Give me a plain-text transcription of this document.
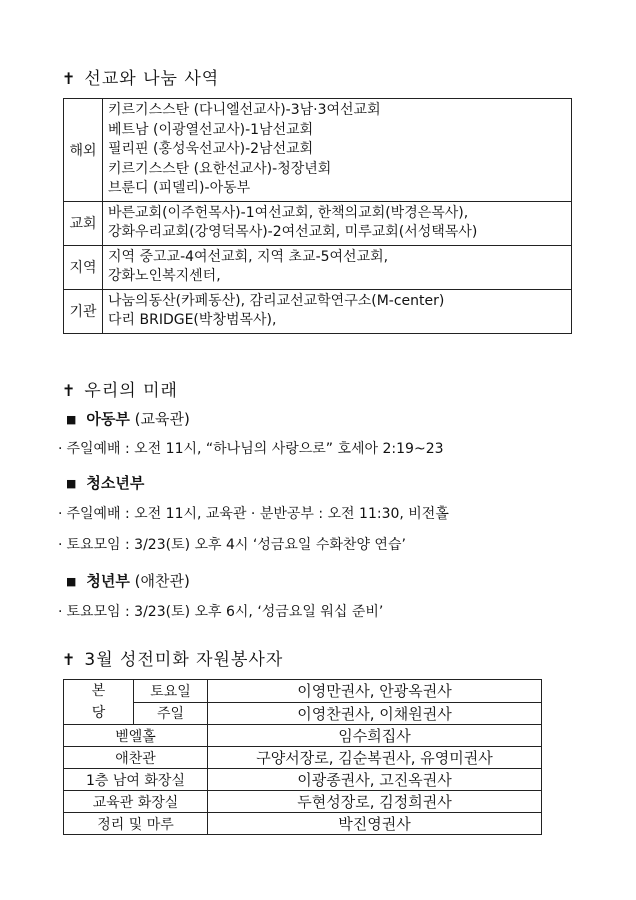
✝ 선교와 나눔 사역
해외	키르기스스탄 (다니엘선교사)-3남·3여선교회
베트남 (이광열선교사)-1남선교회
필리핀 (홍성욱선교사)-2남선교회
키르기스스탄 (요한선교사)-청장년회
브룬디 (피델리)-아동부

교회	바른교회(이주헌목사)-1여선교회, 한책의교회(박경은목사),
강화우리교회(강영덕목사)-2여선교회, 미루교회(서성택목사)

지역	지역 중고교-4여선교회, 지역 초교-5여선교회,
강화노인복지센터,

기관	나눔의동산(카페동산), 감리교선교학연구소(M-center)
다리 BRIDGE(박창범목사),
✝ 우리의 미래
■ 아동부 (교육관)
· 주일예배 : 오전 11시, “하나님의 사랑으로” 호세아 2:19~23
■ 청소년부
· 주일예배 : 오전 11시, 교육관 · 분반공부 : 오전 11:30, 비전홀
· 토요모임 : 3/23(토) 오후 4시 ‘성금요일 수화찬양 연습’
■ 청년부 (애찬관)
· 토요모임 : 3/23(토) 오후 6시, ‘성금요일 워십 준비’
✝ 3월 성전미화 자원봉사자
본
당	토요일	이영만권사, 안광옥권사
	주일	이영찬권사, 이채원권사
벧엘홀		임수희집사
애찬관		구양서장로, 김순복권사, 유영미권사
1층 남여 화장실		이광종권사, 고진옥권사
교육관 화장실		두현성장로, 김정희권사
정리 및 마루		박진영권사
